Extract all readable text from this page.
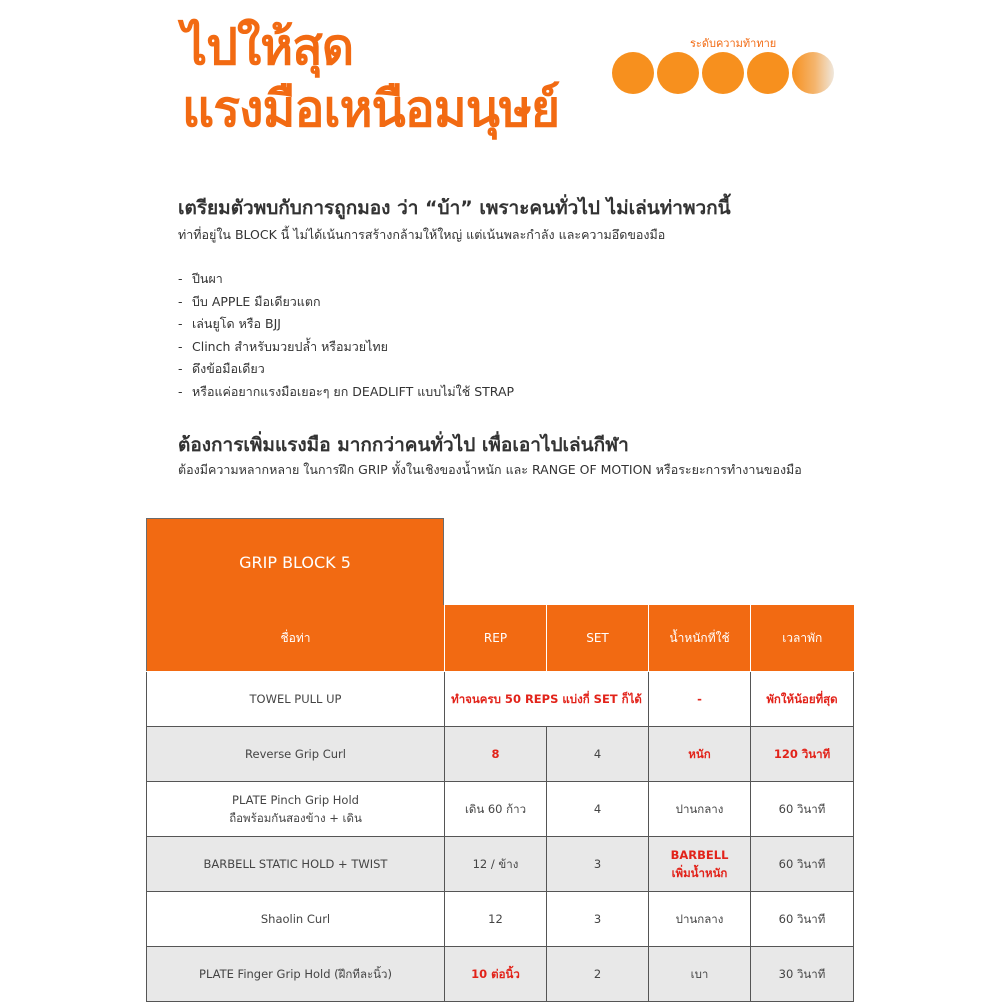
ไปให้สุด
แรงมือเหนือมนุษย์
ระดับความท้าทาย
เตรียมตัวพบกับการถูกมอง ว่า “บ้า” เพราะคนทั่วไป ไม่เล่นท่าพวกนี้
ท่าที่อยู่ใน BLOCK นี้ ไม่ได้เน้นการสร้างกล้ามให้ใหญ่ แต่เน้นพละกำลัง และความอึดของมือ
- ปีนผา
- บีบ APPLE มือเดียวแตก
- เล่นยูโด หรือ BJJ
- Clinch สำหรับมวยปล้ำ หรือมวยไทย
- ดึงข้อมือเดียว
- หรือแค่อยากแรงมือเยอะๆ ยก DEADLIFT แบบไม่ใช้ STRAP
ต้องการเพิ่มแรงมือ มากกว่าคนทั่วไป เพื่อเอาไปเล่นกีฬา
ต้องมีความหลากหลาย ในการฝึก GRIP ทั้งในเชิงของน้ำหนัก และ RANGE OF MOTION หรือระยะการทำงานของมือ
GRIP BLOCK 5
ชื่อท่า	REP	SET	น้ำหนักที่ใช้	เวลาพัก
TOWEL PULL UP	ทำจนครบ 50 REPS แบ่งกี่ SET ก็ได้		-	พักให้น้อยที่สุด
Reverse Grip Curl	8	4	หนัก	120 วินาที

PLATE Pinch Grip Hold
ถือพร้อมกันสองข้าง + เดิน	เดิน 60 ก้าว	4	ปานกลาง	60 วินาที
BARBELL STATIC HOLD + TWIST	12 / ข้าง	3	BARBELL
เพิ่มน้ำหนัก	60 วินาที
Shaolin Curl	12	3	ปานกลาง	60 วินาที
PLATE Finger Grip Hold (ฝึกทีละนิ้ว)	10 ต่อนิ้ว	2	เบา	30 วินาที
